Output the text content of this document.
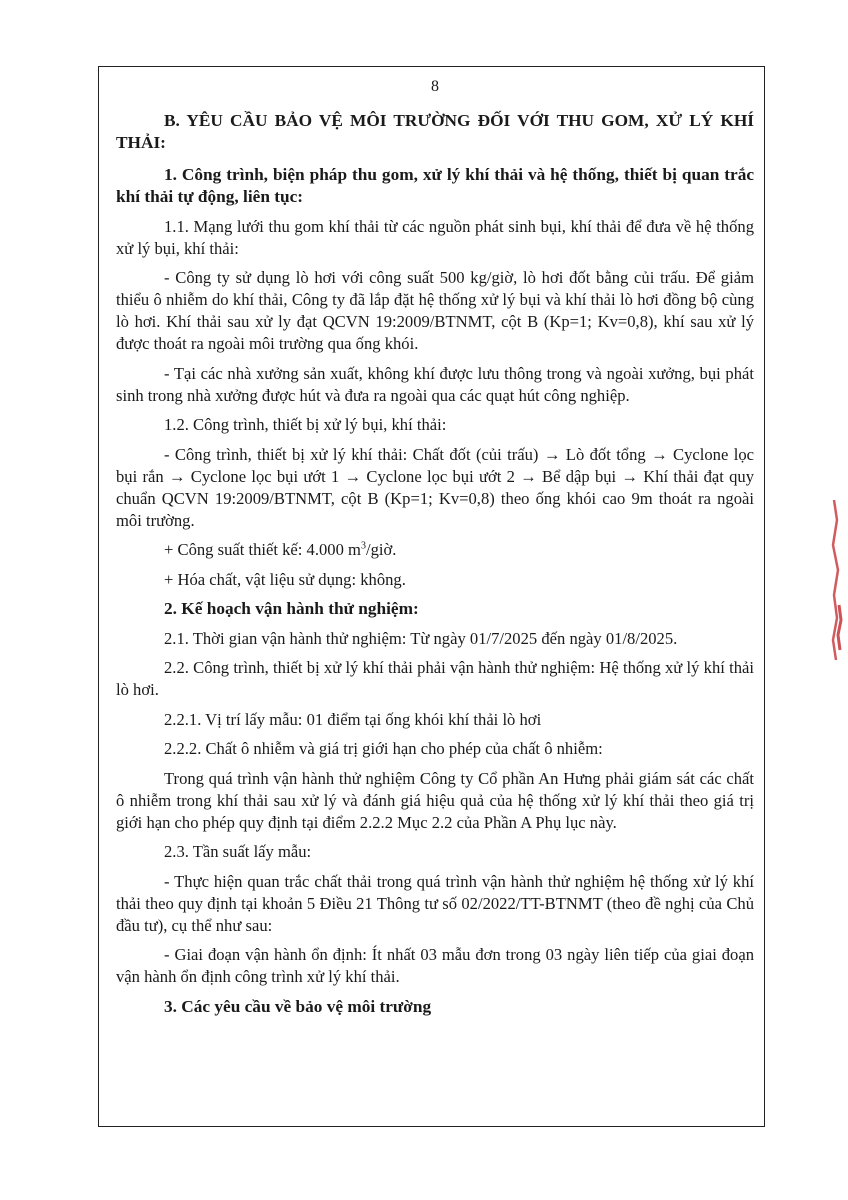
8

B. YÊU CẦU BẢO VỆ MÔI TRƯỜNG ĐỐI VỚI THU GOM, XỬ LÝ KHÍ THẢI:

1. Công trình, biện pháp thu gom, xử lý khí thải và hệ thống, thiết bị quan trắc khí thải tự động, liên tục:

1.1. Mạng lưới thu gom khí thải từ các nguồn phát sinh bụi, khí thải để đưa về hệ thống xử lý bụi, khí thải:

- Công ty sử dụng lò hơi với công suất 500 kg/giờ, lò hơi đốt bằng củi trấu. Để giảm thiểu ô nhiễm do khí thải, Công ty đã lắp đặt hệ thống xử lý bụi và khí thải lò hơi đồng bộ cùng lò hơi. Khí thải sau xử ly đạt QCVN 19:2009/BTNMT, cột B (Kp=1; Kv=0,8), khí sau xử lý được thoát ra ngoài môi trường qua ống khói.

- Tại các nhà xưởng sản xuất, không khí được lưu thông trong và ngoài xưởng, bụi phát sinh trong nhà xưởng được hút và đưa ra ngoài qua các quạt hút công nghiệp.

1.2. Công trình, thiết bị xử lý bụi, khí thải:

- Công trình, thiết bị xử lý khí thải: Chất đốt (củi trấu) → Lò đốt tổng → Cyclone lọc bụi rắn → Cyclone lọc bụi ướt 1 → Cyclone lọc bụi ướt 2 → Bể dập bụi → Khí thải đạt quy chuẩn QCVN 19:2009/BTNMT, cột B (Kp=1; Kv=0,8) theo ống khói cao 9m thoát ra ngoài môi trường.

+ Công suất thiết kế: 4.000 $m^3$/giờ.

+ Hóa chất, vật liệu sử dụng: không.

2. Kế hoạch vận hành thử nghiệm:

2.1. Thời gian vận hành thử nghiệm: Từ ngày 01/7/2025 đến ngày 01/8/2025.

2.2. Công trình, thiết bị xử lý khí thải phải vận hành thử nghiệm: Hệ thống xử lý khí thải lò hơi.

2.2.1. Vị trí lấy mẫu: 01 điểm tại ống khói khí thải lò hơi

2.2.2. Chất ô nhiễm và giá trị giới hạn cho phép của chất ô nhiễm:

Trong quá trình vận hành thử nghiệm Công ty Cổ phần An Hưng phải giám sát các chất ô nhiễm trong khí thải sau xử lý và đánh giá hiệu quả của hệ thống xử lý khí thải theo giá trị giới hạn cho phép quy định tại điểm 2.2.2 Mục 2.2 của Phần A Phụ lục này.

2.3. Tần suất lấy mẫu:

- Thực hiện quan trắc chất thải trong quá trình vận hành thử nghiệm hệ thống xử lý khí thải theo quy định tại khoản 5 Điều 21 Thông tư số 02/2022/TT-BTNMT (theo đề nghị của Chủ đầu tư), cụ thể như sau:

- Giai đoạn vận hành ổn định: Ít nhất 03 mẫu đơn trong 03 ngày liên tiếp của giai đoạn vận hành ổn định công trình xử lý khí thải.

3. Các yêu cầu về bảo vệ môi trường
